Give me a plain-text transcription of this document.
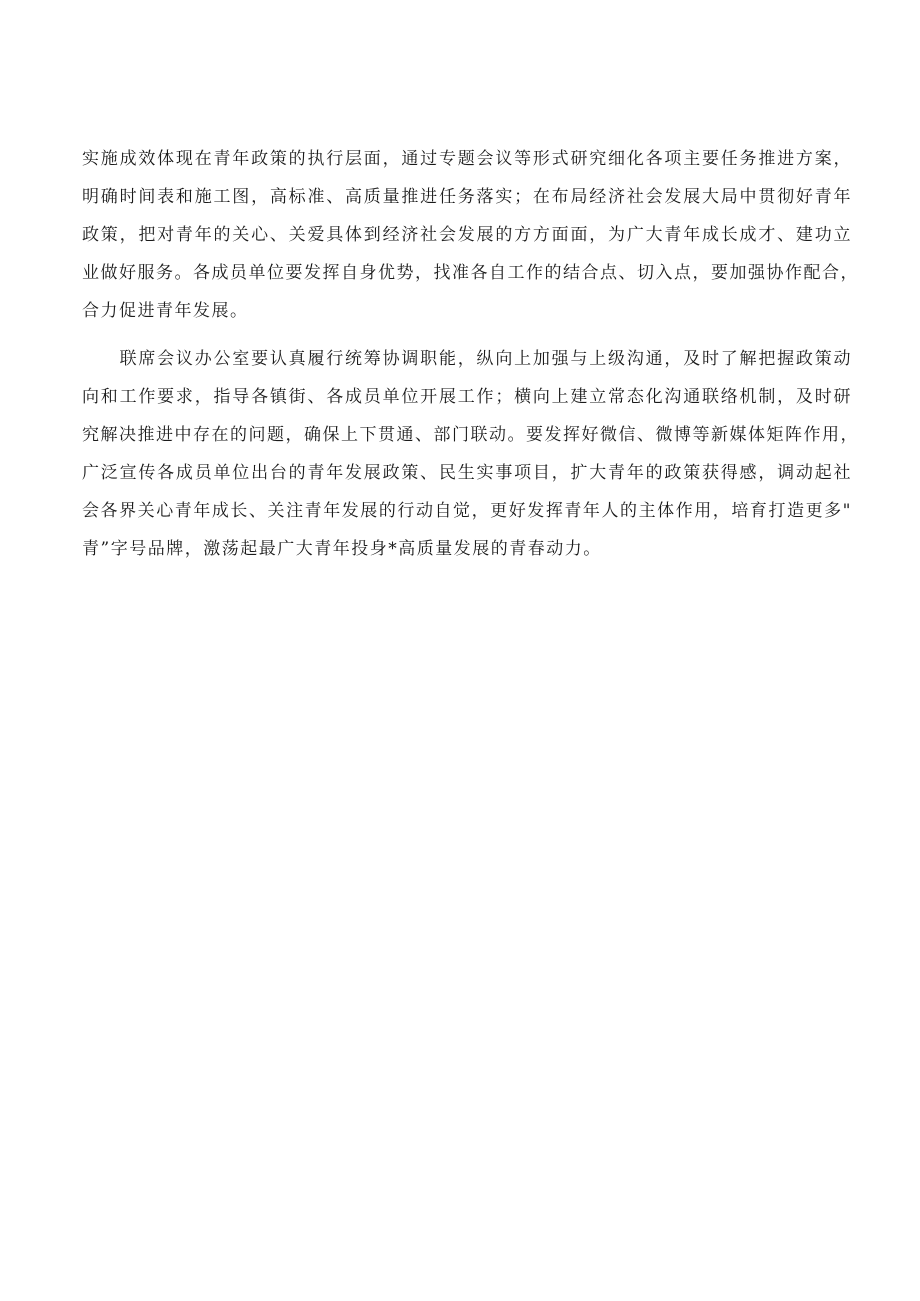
实施成效体现在青年政策的执行层面，通过专题会议等形式研究细化各项主要任务推进方案，
明确时间表和施工图，高标准、高质量推进任务落实；在布局经济社会发展大局中贯彻好青年
政策，把对青年的关心、关爱具体到经济社会发展的方方面面，为广大青年成长成才、建功立
业做好服务。各成员单位要发挥自身优势，找准各自工作的结合点、切入点，要加强协作配合，
合力促进青年发展。
　　联席会议办公室要认真履行统筹协调职能，纵向上加强与上级沟通，及时了解把握政策动
向和工作要求，指导各镇街、各成员单位开展工作；横向上建立常态化沟通联络机制，及时研
究解决推进中存在的问题，确保上下贯通、部门联动。要发挥好微信、微博等新媒体矩阵作用，
广泛宣传各成员单位出台的青年发展政策、民生实事项目，扩大青年的政策获得感，调动起社
会各界关心青年成长、关注青年发展的行动自觉，更好发挥青年人的主体作用，培育打造更多"
青”字号品牌，激荡起最广大青年投身*高质量发展的青春动力。
